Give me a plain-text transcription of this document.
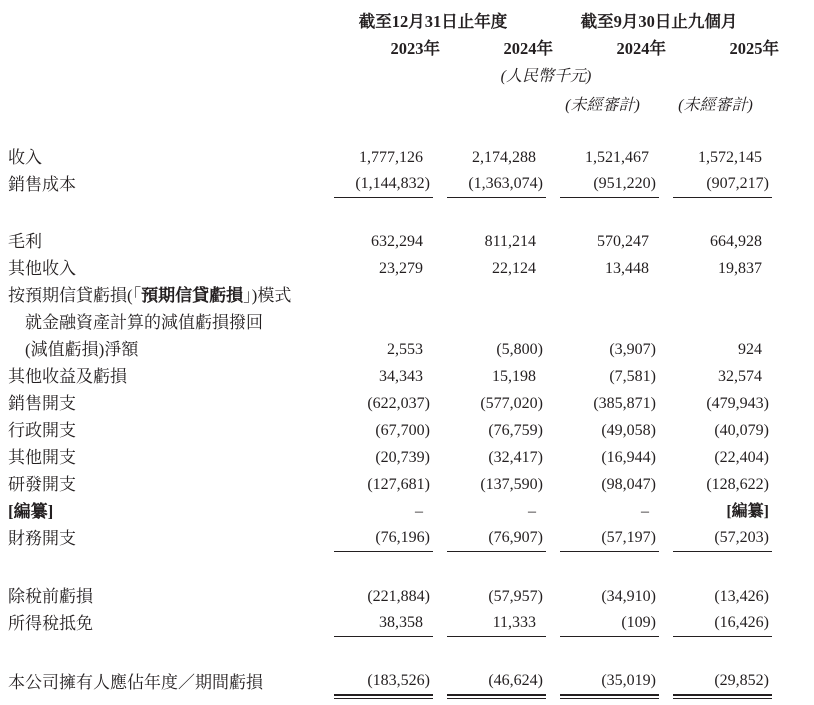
	截至12月31日止年度		截至9月30日止九個月	
	2023年	2024年	2024年	2025年
	(人民幣千元)			
			(未經審計)	(未經審計)

收入	1,777,126	2,174,288	1,521,467	1,572,145

銷售成本	(1,144,832)	(1,363,074)	(951,220)	(907,217)

毛利	632,294	811,214	570,247	664,928

其他收入	23,279	22,124	13,448	19,837

按預期信貸虧損(「預期信貸虧損」)模式	

就金融資產計算的減值虧損撥回	

(減值虧損)淨額	2,553	(5,800)	(3,907)	924

其他收益及虧損	34,343	15,198	(7,581)	32,574

銷售開支	(622,037)	(577,020)	(385,871)	(479,943)

行政開支	(67,700)	(76,759)	(49,058)	(40,079)

其他開支	(20,739)	(32,417)	(16,944)	(22,404)

研發開支	(127,681)	(137,590)	(98,047)	(128,622)

[編纂]	–	–	–	[編纂]

財務開支	(76,196)	(76,907)	(57,197)	(57,203)

除稅前虧損	(221,884)	(57,957)	(34,910)	(13,426)

所得稅抵免	38,358	11,333	(109)	(16,426)

本公司擁有人應佔年度／期間虧損	(183,526)	(46,624)	(35,019)	(29,852)
